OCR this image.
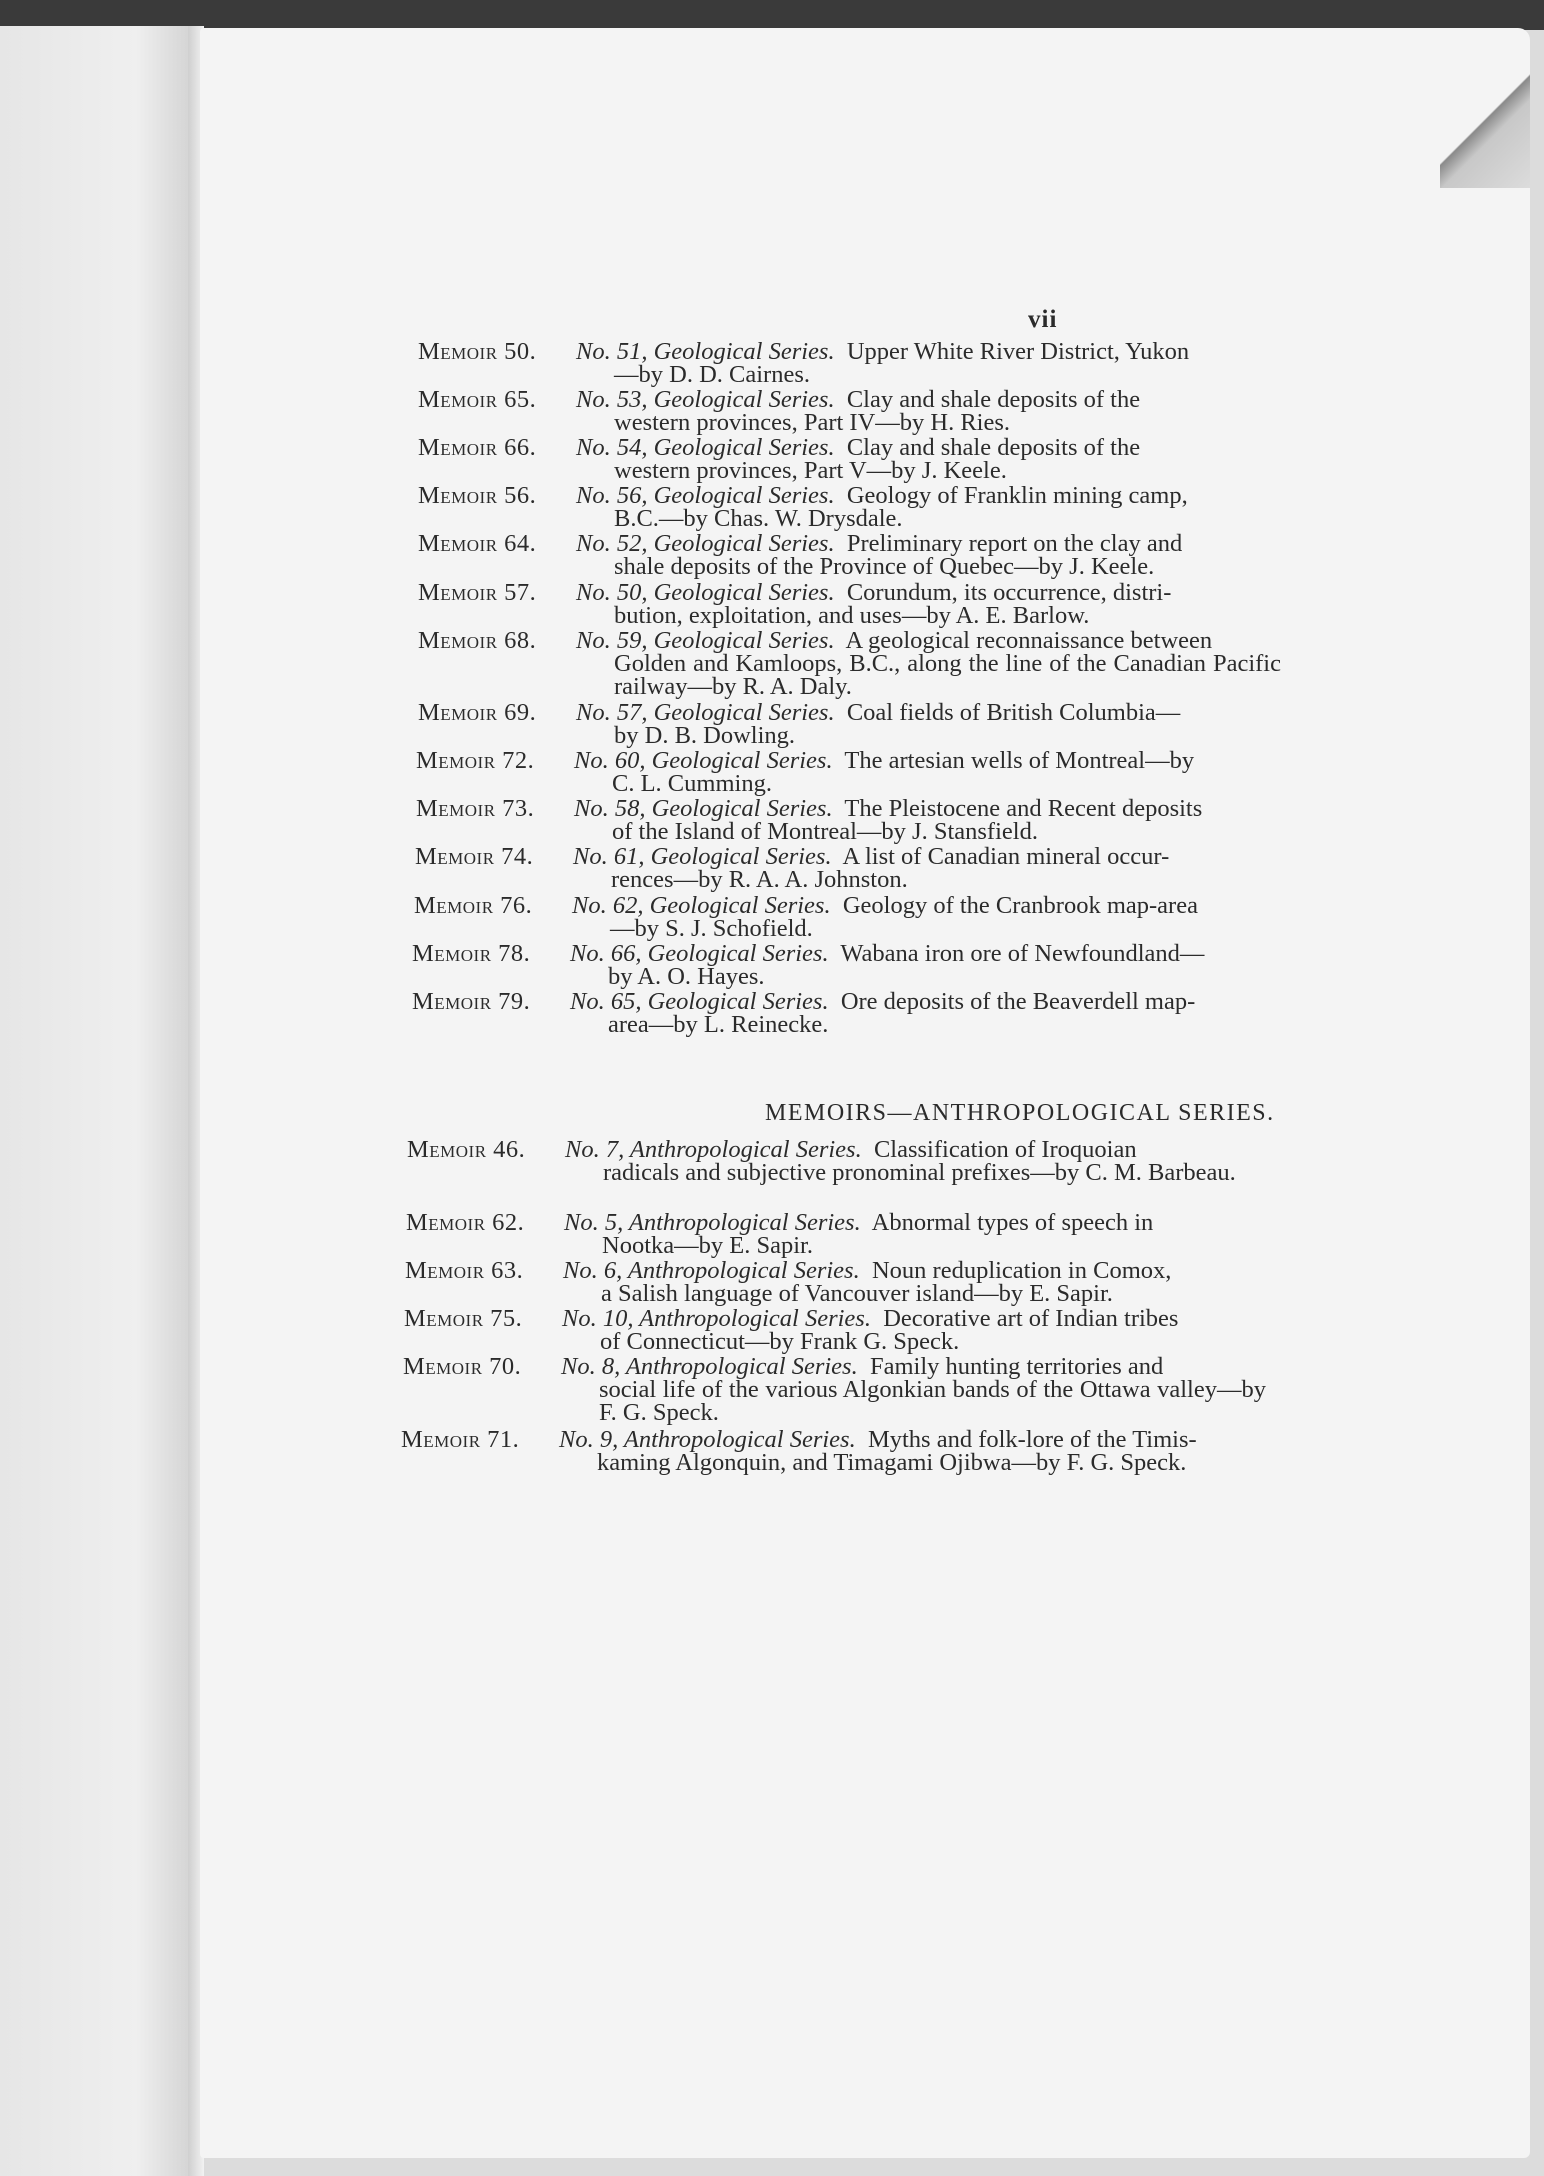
vii
Memoir 50. No. 51, Geological Series. Upper White River District, Yukon
—by D. D. Cairnes.
Memoir 65. No. 53, Geological Series. Clay and shale deposits of the
western provinces, Part IV—by H. Ries.
Memoir 66. No. 54, Geological Series. Clay and shale deposits of the
western provinces, Part V—by J. Keele.
Memoir 56. No. 56, Geological Series. Geology of Franklin mining camp,
B.C.—by Chas. W. Drysdale.
Memoir 64. No. 52, Geological Series. Preliminary report on the clay and
shale deposits of the Province of Quebec—by J. Keele.
Memoir 57. No. 50, Geological Series. Corundum, its occurrence, distri-
bution, exploitation, and uses—by A. E. Barlow.
Memoir 68. No. 59, Geological Series. A geological reconnaissance between
Golden and Kamloops, B.C., along the line of the Canadian Pacific railway—by R. A. Daly.
Memoir 69. No. 57, Geological Series. Coal fields of British Columbia—
by D. B. Dowling.
Memoir 72. No. 60, Geological Series. The artesian wells of Montreal—by
C. L. Cumming.
Memoir 73. No. 58, Geological Series. The Pleistocene and Recent deposits
of the Island of Montreal—by J. Stansfield.
Memoir 74. No. 61, Geological Series. A list of Canadian mineral occur-
rences—by R. A. A. Johnston.
Memoir 76. No. 62, Geological Series. Geology of the Cranbrook map-area
—by S. J. Schofield.
Memoir 78. No. 66, Geological Series. Wabana iron ore of Newfoundland—
by A. O. Hayes.
Memoir 79. No. 65, Geological Series. Ore deposits of the Beaverdell map-
area—by L. Reinecke.
MEMOIRS—ANTHROPOLOGICAL SERIES.
Memoir 46. No. 7, Anthropological Series. Classification of Iroquoian
radicals and subjective pronominal prefixes—by C. M. Barbeau.
Memoir 62. No. 5, Anthropological Series. Abnormal types of speech in
Nootka—by E. Sapir.
Memoir 63. No. 6, Anthropological Series. Noun reduplication in Comox,
a Salish language of Vancouver island—by E. Sapir.
Memoir 75. No. 10, Anthropological Series. Decorative art of Indian tribes
of Connecticut—by Frank G. Speck.
Memoir 70. No. 8, Anthropological Series. Family hunting territories and
social life of the various Algonkian bands of the Ottawa valley—by F. G. Speck.
Memoir 71. No. 9, Anthropological Series. Myths and folk-lore of the Timis-
kaming Algonquin, and Timagami Ojibwa—by F. G. Speck.
